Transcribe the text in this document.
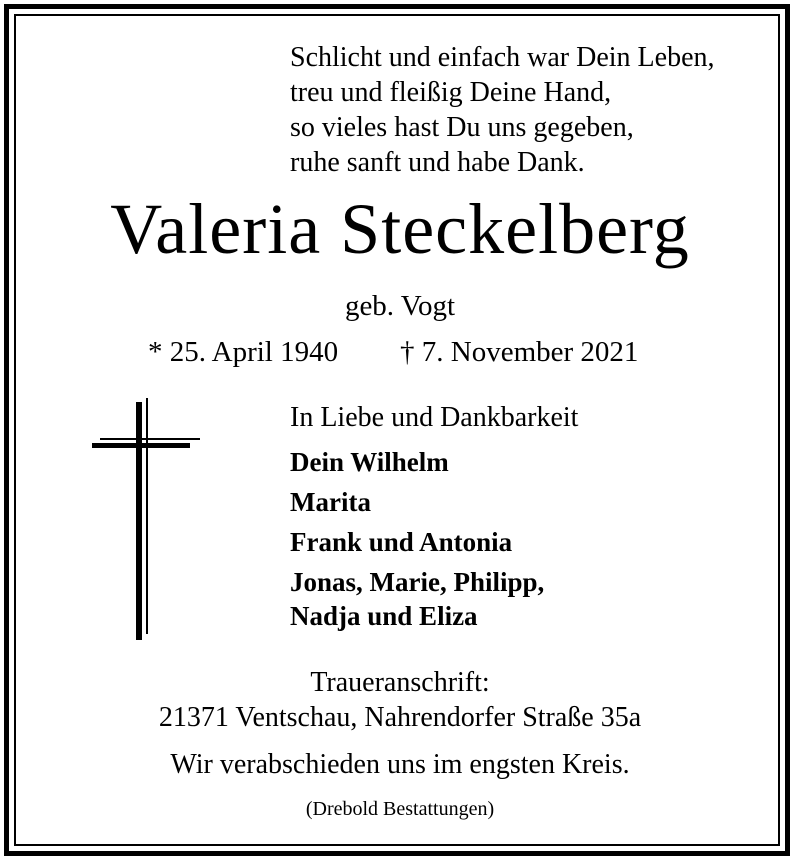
Schlicht und einfach war Dein Leben,
treu und fleißig Deine Hand,
so vieles hast Du uns gegeben,
ruhe sanft und habe Dank.
Valeria Steckelberg
geb. Vogt
* 25. April 1940 † 7. November 2021
In Liebe und Dankbarkeit
Dein Wilhelm
Marita
Frank und Antonia
Jonas, Marie, Philipp,
Nadja und Eliza
Traueranschrift:
21371 Ventschau, Nahrendorfer Straße 35a
Wir verabschieden uns im engsten Kreis.
(Drebold Bestattungen)
